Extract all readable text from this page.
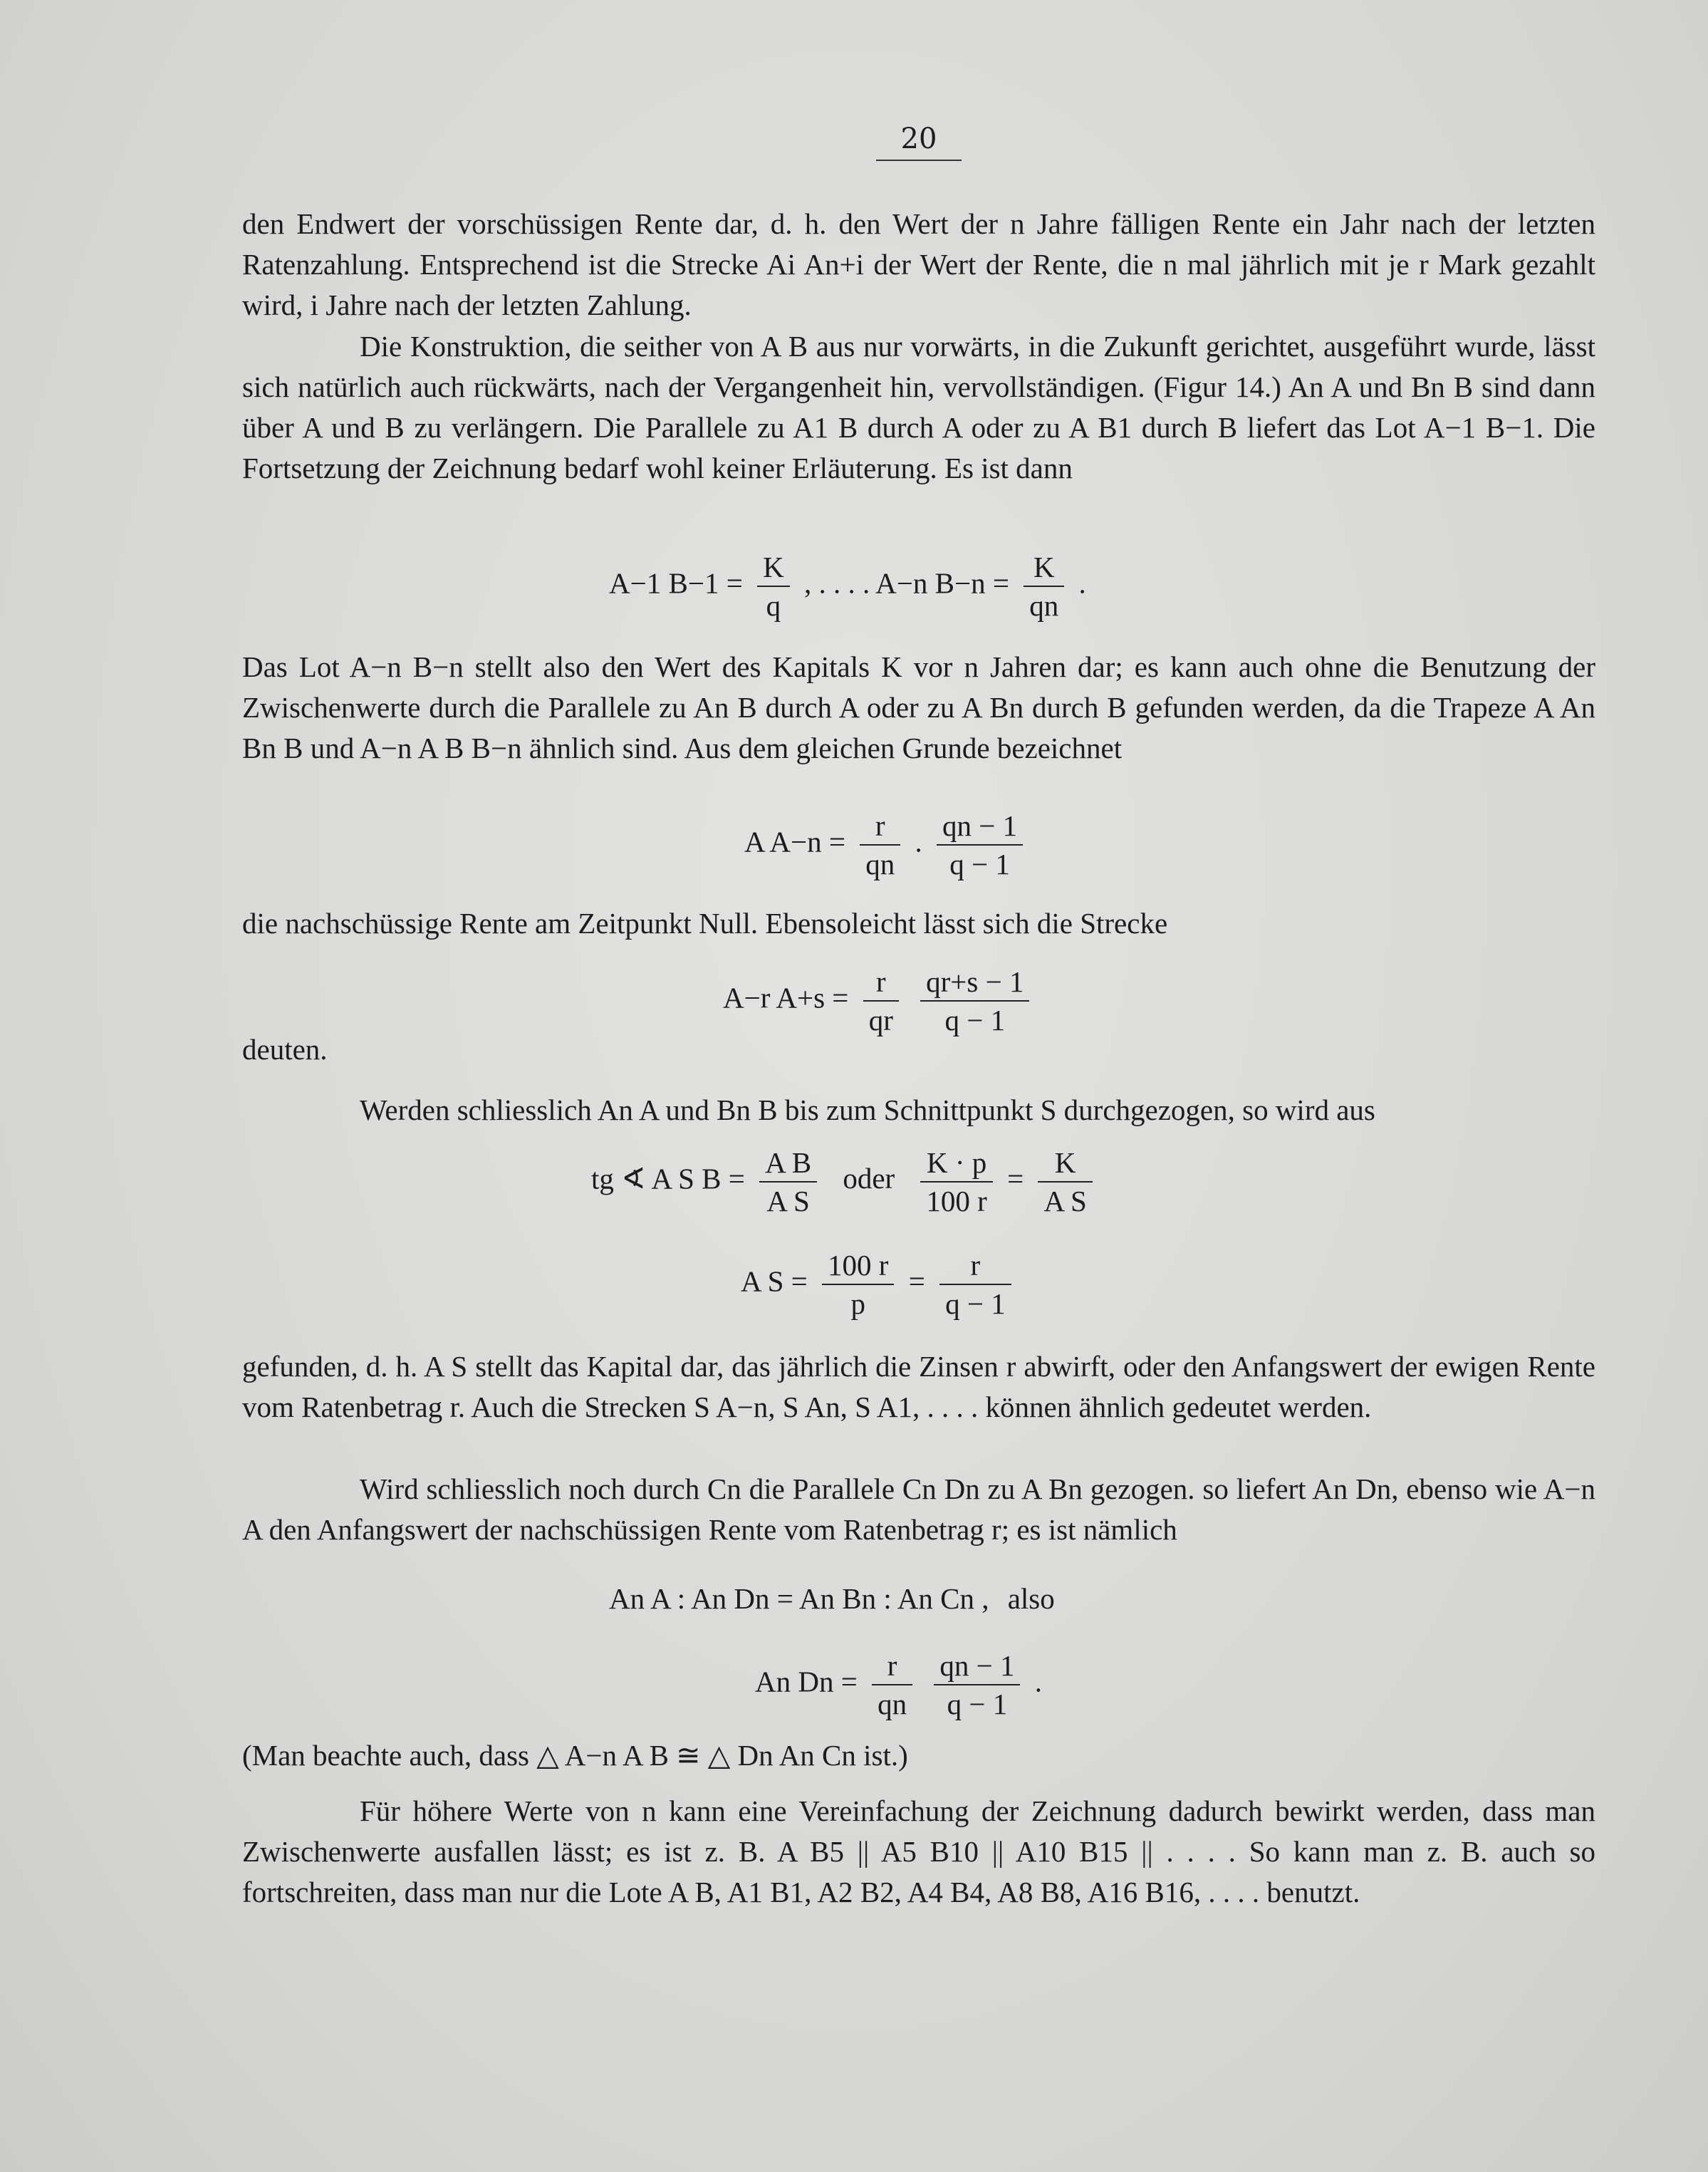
20

den Endwert der vorschüssigen Rente dar, d. h. den Wert der n Jahre fälligen Rente ein Jahr nach der letzten Ratenzahlung. Entsprechend ist die Strecke Ai An+i der Wert der Rente, die n mal jährlich mit je r Mark gezahlt wird, i Jahre nach der letzten Zahlung.

Die Konstruktion, die seither von A B aus nur vorwärts, in die Zukunft gerichtet, ausgeführt wurde, lässt sich natürlich auch rückwärts, nach der Vergangenheit hin, vervollständigen. (Figur 14.) An A und Bn B sind dann über A und B zu verlängern. Die Parallele zu A1 B durch A oder zu A B1 durch B liefert das Lot A−1 B−1. Die Fortsetzung der Zeichnung bedarf wohl keiner Erläuterung. Es ist dann

A−1 $B-1 = \frac{K}{q}$ , . . . . A−n $B-n = \frac{K}{qn}$ .

Das Lot A−n B−n stellt also den Wert des Kapitals K vor n Jahren dar; es kann auch ohne die Benutzung der Zwischenwerte durch die Parallele zu An B durch A oder zu A Bn durch B gefunden werden, da die Trapeze A An Bn B und A−n A B B−n ähnlich sind. Aus dem gleichen Grunde bezeichnet

A $A-n = \frac{r}{qn}$ . $\frac{qn - 1}{q - 1}$

die nachschüssige Rente am Zeitpunkt Null. Ebensoleicht lässt sich die Strecke

A−r $A+s = \frac{r}{qr}$
$\frac{qr+s - 1}{q - 1}$

deuten.

Werden schliesslich An A und Bn B bis zum Schnittpunkt S durchgezogen, so wird aus

tg ∢ A S $B = \frac{\text{A B}}{\text{A S}}$ oder $\frac{K \cdot p}{100 r} = \frac{K}{\text{A S}}$
A $S = \frac{100 r}{p} = \frac{r}{q - 1}$

gefunden, d. h. A S stellt das Kapital dar, das jährlich die Zinsen r abwirft, oder den Anfangswert der ewigen Rente vom Ratenbetrag r. Auch die Strecken S A−n, S An, S A1, . . . . können ähnlich gedeutet werden.

Wird schliesslich noch durch Cn die Parallele Cn Dn zu A Bn gezogen. so liefert An Dn, ebenso wie A−n A den Anfangswert der nachschüssigen Rente vom Ratenbetrag r; es ist nämlich

An A : An Dn = An Bn : An Cn , also
An $Dn = \frac{r}{qn}$
$\frac{qn - 1}{q - 1}$ .

(Man beachte auch, dass △ A−n A B ≅ △ Dn An Cn ist.)

Für höhere Werte von n kann eine Vereinfachung der Zeichnung dadurch bewirkt werden, dass man Zwischenwerte ausfallen lässt; es ist z. B. A B5 || A5 B10 || A10 B15 || . . . . So kann man z. B. auch so fortschreiten, dass man nur die Lote A B, A1 B1, A2 B2, A4 B4, A8 B8, A16 B16, . . . . benutzt.
